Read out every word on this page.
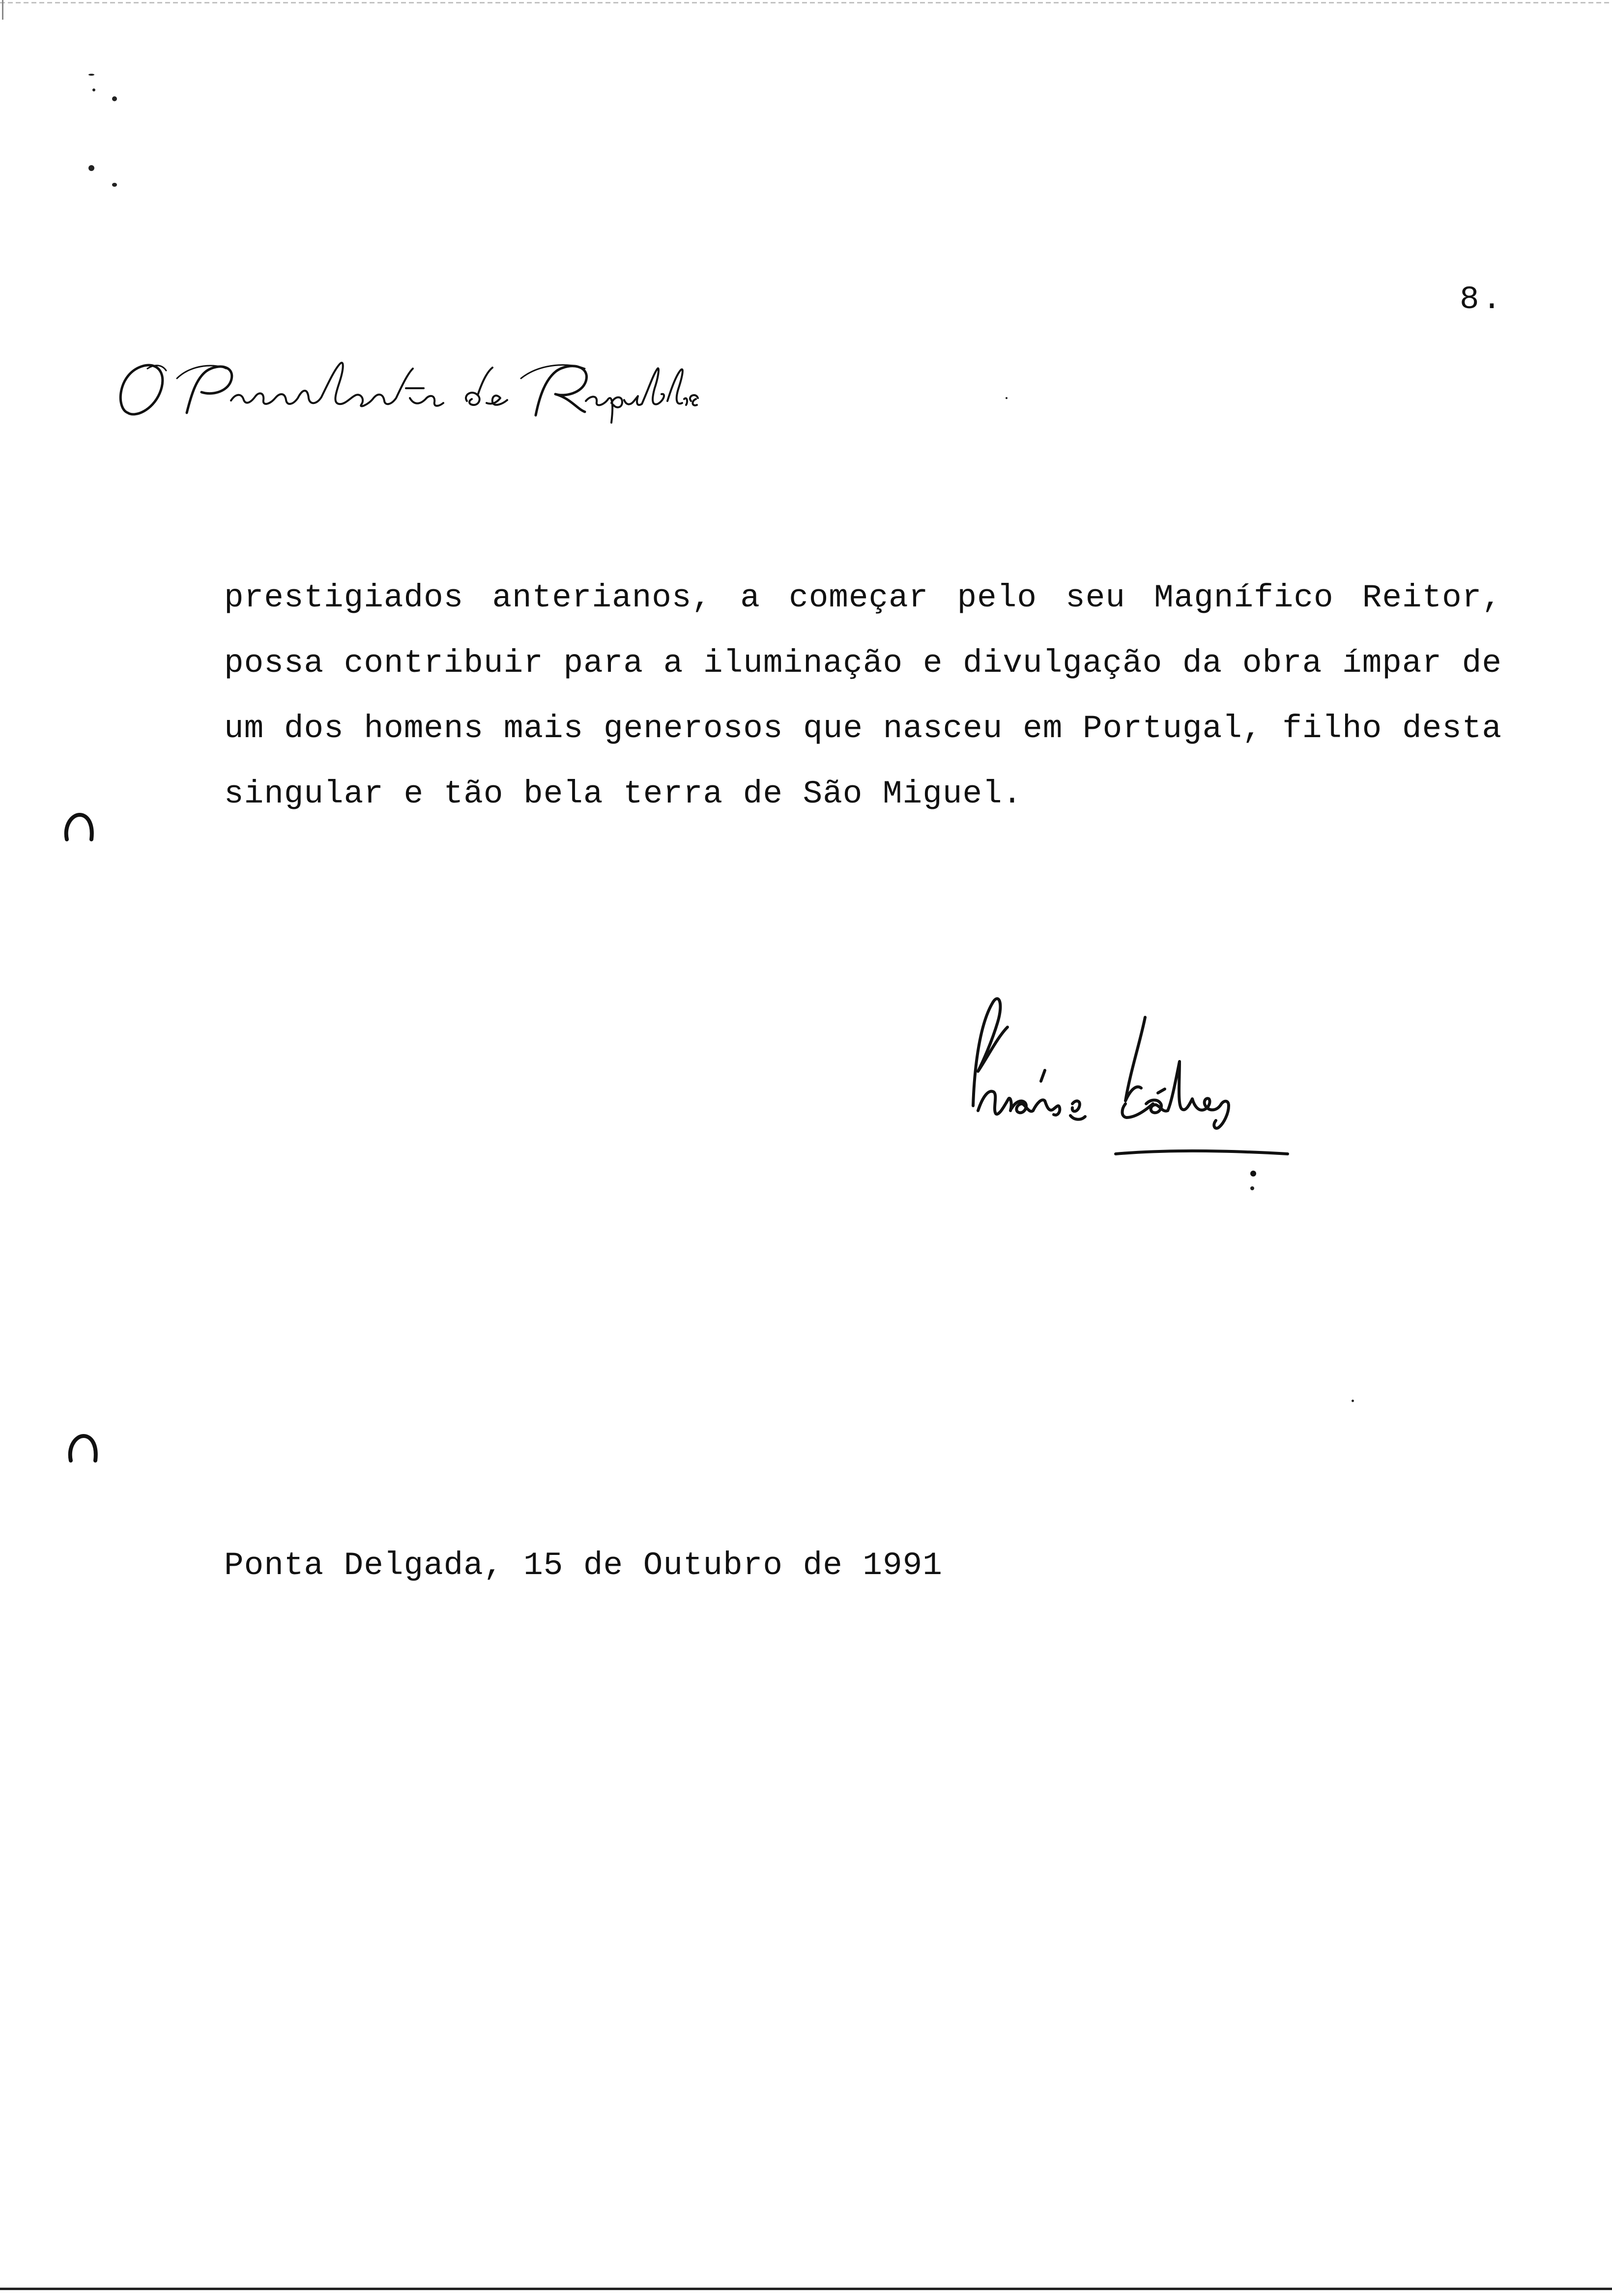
8.
prestigiados anterianos, a começar pelo seu Magnífico Reitor,
possa contribuir para a iluminação e divulgação da obra ímpar de
um dos homens mais generosos que nasceu em Portugal, filho desta
singular e tão bela terra de São Miguel.
Ponta Delgada, 15 de Outubro de 1991
